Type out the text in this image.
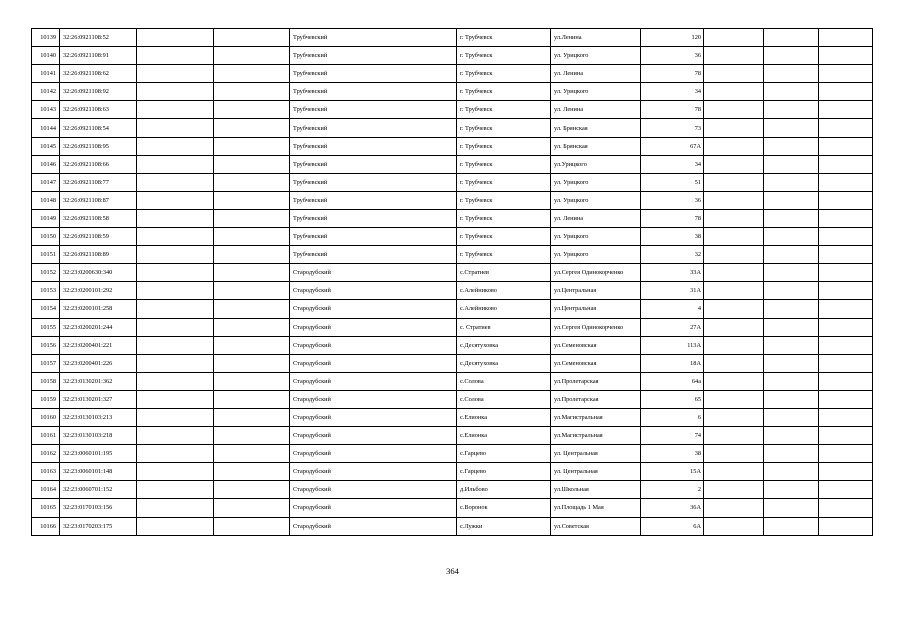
10139	32:26:0921108:52			Трубчевский	г. Трубчевск	ул.Ленина	120			
10140	32:26:0921108:91			Трубчевский	г. Трубчевск	ул. Урицкого	36			
10141	32:26:0921108:62			Трубчевский	г. Трубчевск	ул. Ленина	78			
10142	32:26:0921108:92			Трубчевский	г. Трубчевск	ул. Урицкого	34			
10143	32:26:0921108:63			Трубчевский	г. Трубчевск	ул. Ленина	78			
10144	32:26:0921108:54			Трубчевский	г. Трубчевск	ул. Брянская	73			
10145	32:26:0921108:95			Трубчевский	г. Трубчевск	ул. Брянская	67А			
10146	32:26:0921108:66			Трубчевский	г. Трубчевск	ул.Урицкого	34			
10147	32:26:0921108:77			Трубчевский	г. Трубчевск	ул. Урицкого	51			
10148	32:26:0921108:87			Трубчевский	г. Трубчевск	ул. Урицкого	36			
10149	32:26:0921108:58			Трубчевский	г. Трубчевск	ул. Ленина	78			
10150	32:26:0921108:59			Трубчевский	г. Трубчевск	ул. Урицкого	38			
10151	32:26:0921108:89			Трубчевский	г. Трубчевск	ул. Урицкого	32			
10152	32:23:0200630:340			Стародубский	с.Стратиев	ул.Сергея Одинокорченко	33А			
10153	32:23:0200101:292			Стародубский	с.Алейниково	ул.Центральная	31А			
10154	32:23:0200101:258			Стародубский	с.Алейниково	ул.Центральная	4			
10155	32:23:0200201:244			Стародубский	с. Стратиев	ул.Сергея Одинокорченко	27А			
10156	32:23:0200401:221			Стародубский	с.Десятуховка	ул.Семеновская	113А			
10157	32:23:0200401:226			Стародубский	с.Десятуховка	ул.Семеновская	18А			
10158	32:23:0130201:362			Стародубский	с.Солова	ул.Пролетарская	64а			
10159	32:23:0130201:327			Стародубский	с.Солова	ул.Пролетарская	65			
10160	32:23:0130103:213			Стародубский	с.Елионка	ул.Магистральная	6			
10161	32:23:0130103:218			Стародубский	с.Елионка	ул.Магистральная	74			
10162	32:23:0060101:195			Стародубский	с.Гарцево	ул. Центральная	38			
10163	32:23:0060101:148			Стародубский	с.Гарцево	ул. Центральная	15А			
10164	32:23:0060701:152			Стародубский	д.Ильбово	ул.Школьная	2			
10165	32:23:0170103:156			Стародубский	с.Воронок	ул.Площадь 1 Мая	36А			
10166	32:23:0170203:175			Стародубский	с.Лужки	ул.Советская	6А			
364
